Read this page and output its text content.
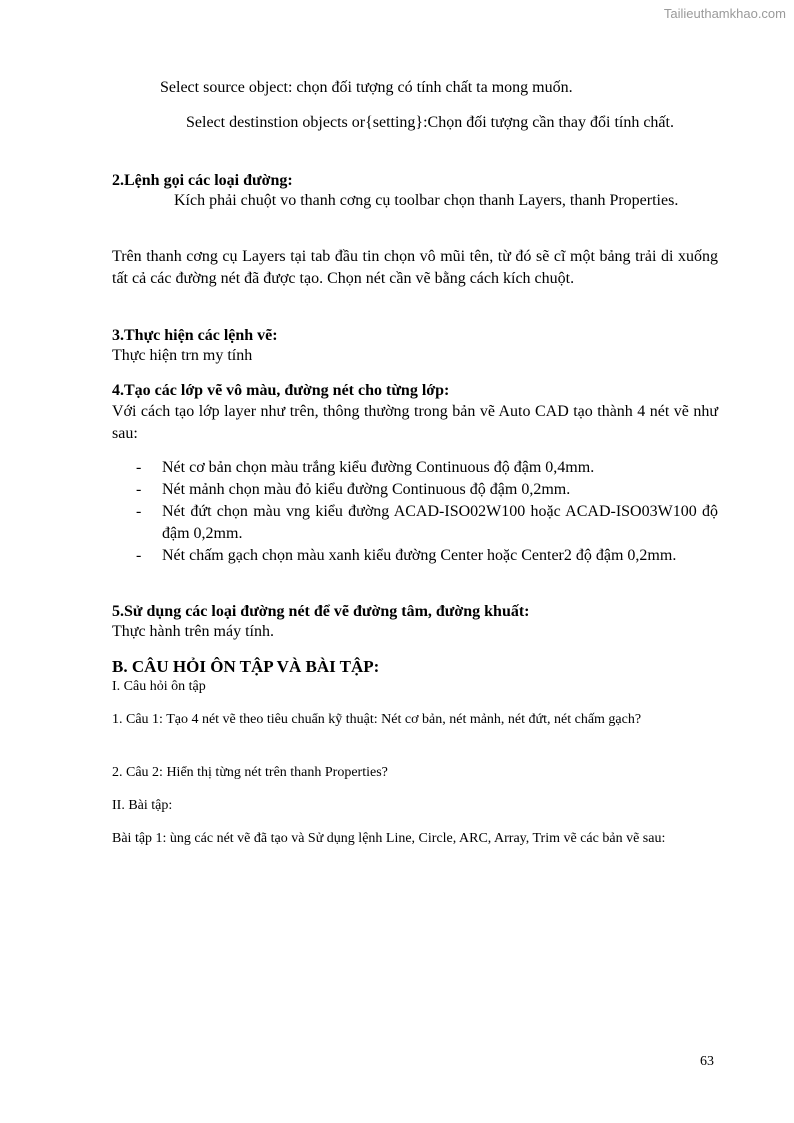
Tailieuthamkhao.com

Select source object: chọn đối tượng có tính chất ta mong muốn.

Select destinstion objects or{setting}:Chọn đối tượng cần thay đổi tính chất.

2.Lệnh gọi các loại đường:

Kích phải chuột vo thanh cơng cụ toolbar chọn thanh Layers, thanh Properties.

Trên thanh cơng cụ Layers tại tab đầu tin chọn vô mũi tên, từ đó sẽ cĩ một bảng trải di xuống tất cả các đường nét đã được tạo. Chọn nét cần vẽ bằng cách kích chuột.

3.Thực hiện các lệnh vẽ:

Thực hiện trn my tính

4.Tạo các lớp vẽ vô màu, đường nét cho từng lớp:

Với cách tạo lớp layer như trên, thông thường trong bản vẽ Auto CAD tạo thành 4 nét vẽ như sau:

- Nét cơ bản chọn màu trắng kiểu đường Continuous độ đậm 0,4mm.
- Nét mảnh chọn màu đỏ kiểu đường Continuous độ đậm 0,2mm.
- Nét đứt chọn màu vng kiểu đường ACAD-ISO02W100 hoặc ACAD-ISO03W100 độ đậm 0,2mm.
- Nét chấm gạch chọn màu xanh kiểu đường Center hoặc Center2 độ đậm 0,2mm.

5.Sử dụng các loại đường nét để vẽ đường tâm, đường khuất:

Thực hành trên máy tính.

B. CÂU HỎI ÔN TẬP VÀ BÀI TẬP:

I. Câu hỏi ôn tập

1. Câu 1: Tạo 4 nét vẽ theo tiêu chuẩn kỹ thuật: Nét cơ bản, nét mảnh, nét đứt, nét chấm gạch?

2. Câu 2: Hiển thị từng nét trên thanh Properties?

II. Bài tập:

Bài tập 1: ùng các nét vẽ đã tạo và Sử dụng lệnh Line, Circle, ARC, Array, Trim vẽ các bản vẽ sau:

63
